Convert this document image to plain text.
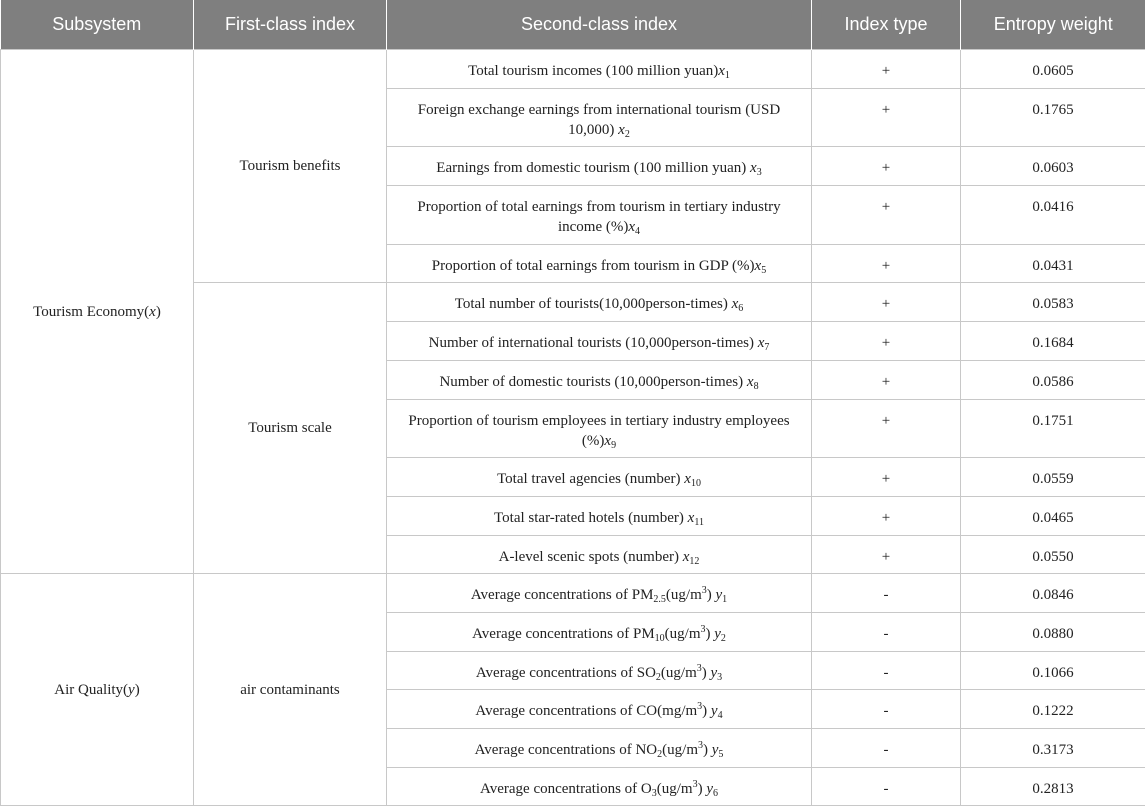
Subsystem	First-class index	Second-class index	Index type	Entropy weight
Tourism Economy(x)	Tourism benefits	Total tourism incomes (100 million $yuan)x_1$	+	0.0605
		Foreign exchange earnings from international tourism (USD 10,000) $x_2$	+	0.1765
		Earnings from domestic tourism (100 million yuan) $x_3$	+	0.0603
		Proportion of total earnings from tourism in tertiary industry income $(\%)x_4$	+	0.0416
		Proportion of total earnings from tourism in GDP $(\%)x_5$	+	0.0431
	Tourism scale	Total number of tourists(10,000person-times) $x_6$	+	0.0583
		Number of international tourists (10,000person-times) $x_7$	+	0.1684
		Number of domestic tourists (10,000person-times) $x_8$	+	0.0586
		Proportion of tourism employees in tertiary industry employees $(\%)x_9$	+	0.1751
		Total travel agencies (number) $x_{10}$	+	0.0559
		Total star-rated hotels (number) $x_{11}$	+	0.0465
		A-level scenic spots (number) $x_{12}$	+	0.0550
Air Quality(y)	air contaminants	Average concentrations of $PM_{2.5}(ug/m^3)$ $y_1$	-	0.0846
		Average concentrations of $PM_{10}(ug/m^3)$ $y_2$	-	0.0880
		Average concentrations of $SO_2(ug/m^3)$ $y_3$	-	0.1066
		Average concentrations of $CO(mg/m^3)$ $y_4$	-	0.1222
		Average concentrations of $NO_2(ug/m^3)$ $y_5$	-	0.3173
		Average concentrations of $O_3(ug/m^3)$ $y_6$	-	0.2813
